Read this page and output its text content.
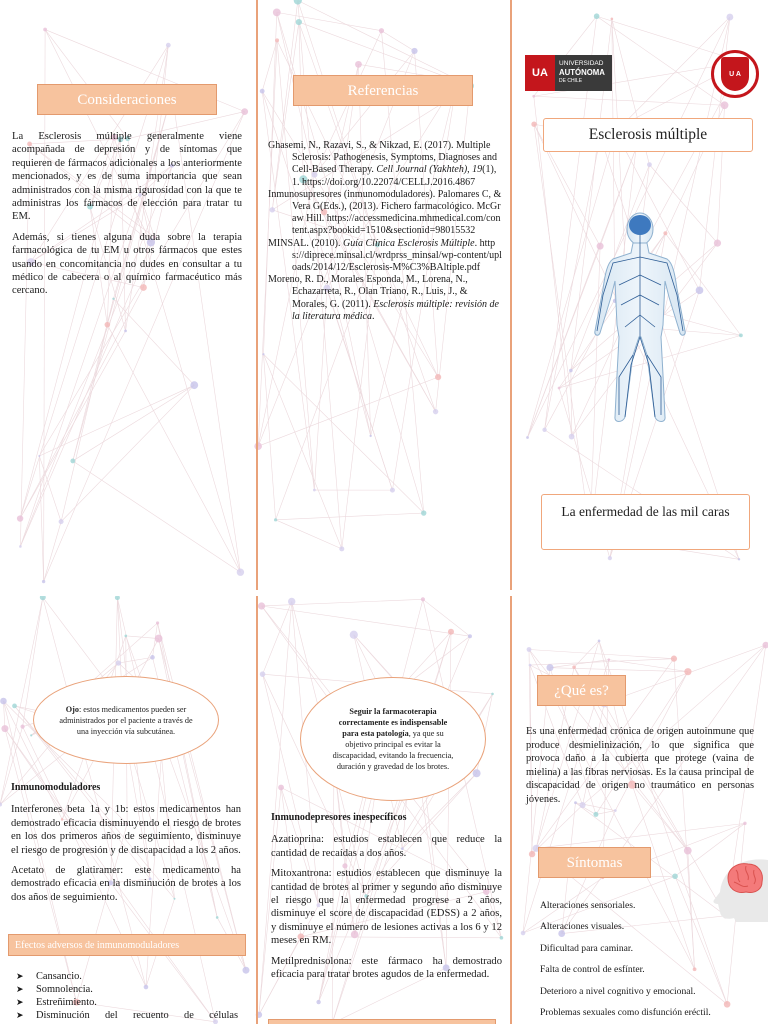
Consideraciones

La Esclerosis múltiple generalmente viene acompañada de depresión y de síntomas que requieren de fármacos adicionales a los anteriormente mencionados, y es de suma importancia que sean administrados con la misma rigurosidad con la que te administras los fármacos de elección para tratar tu EM.

Además, si tienes alguna duda sobre la terapia farmacológica de tu EM u otros fármacos que estes usando en concomitancia no dudes en consultar a tu médico de cabecera o al químico farmacéutico más cercano.

Referencias
Ghasemi, N., Razavi, S., & Nikzad, E. (2017). Multiple Sclerosis: Pathogenesis, Symptoms, Diagnoses and Cell-Based Therapy. Cell Journal (Yakhteh), 19(1), 1. https://doi.org/10.22074/CELLJ.2016.4867
Inmunosupresores (inmunomoduladores). Palomares C, & Vera G(Eds.), (2013). Fichero farmacológico. McGraw Hill. https://accessmedicina.mhmedical.com/content.aspx?bookid=1510&sectionid=98015532
MINSAL. (2010). Guía Clínica Esclerosis Múltiple. https://diprece.minsal.cl/wrdprss_minsal/wp-content/uploads/2014/12/Esclerosis-M%C3%BAltiple.pdf
Moreno, R. D., Morales Esponda, M., Lorena, N., Echazarreta, R., Olan Triano, R., Luis, J., & Morales, G. (2011). Esclerosis múltiple: revisión de la literatura médica.
UA
UNIVERSIDAD
AUTÓNOMA
DE CHILE
U A
Esclerosis múltiple
La enfermedad de las mil caras
Ojo: estos medicamentos pueden ser administrados por el paciente a través de una inyección vía subcutánea.

Inmunomoduladores

Interferones beta 1a y 1b: estos medicamentos han demostrado eficacia disminuyendo el riesgo de brotes en los dos primeros años de seguimiento, disminuye el riesgo de progresión y de discapacidad a los 2 años.

Acetato de glatiramer: este medicamento ha demostrado eficacia en la disminución de brotes a los dos años de seguimiento.

Efectos adversos de inmunomoduladores
➤ Cansancio.
➤ Somnolencia.
➤ Estreñimiento.
➤ Disminución del recuento de células
Seguir la farmacoterapia correctamente es indispensable para esta patología, ya que su objetivo principal es evitar la discapacidad, evitando la frecuencia, duración y gravedad de los brotes.

Inmunodepresores inespecíficos

Azatioprina: estudios establecen que reduce la cantidad de recaídas a dos años.

Mitoxantrona: estudios establecen que disminuye la cantidad de brotes al primer y segundo año disminuye el riesgo que la enfermedad progrese a 2 años, disminuye el score de discapacidad (EDSS) a 2 años, y disminuye el número de lesiones activas a los 6 y 12 meses en RM.

Metilprednisolona: este fármaco ha demostrado eficacia para tratar brotes agudos de la enfermedad.

¿Qué es?
Es una enfermedad crónica de origen autoinmune que produce desmielinización, lo que significa que provoca daño a la cubierta que protege (vaina de mielina) a las fibras nerviosas. Es la causa principal de discapacidad de origen no traumático en personas jóvenes.
Síntomas
Alteraciones sensoriales.
Alteraciones visuales.
Dificultad para caminar.
Falta de control de esfínter.
Deterioro a nivel cognitivo y emocional.
Problemas sexuales como disfunción eréctil.
